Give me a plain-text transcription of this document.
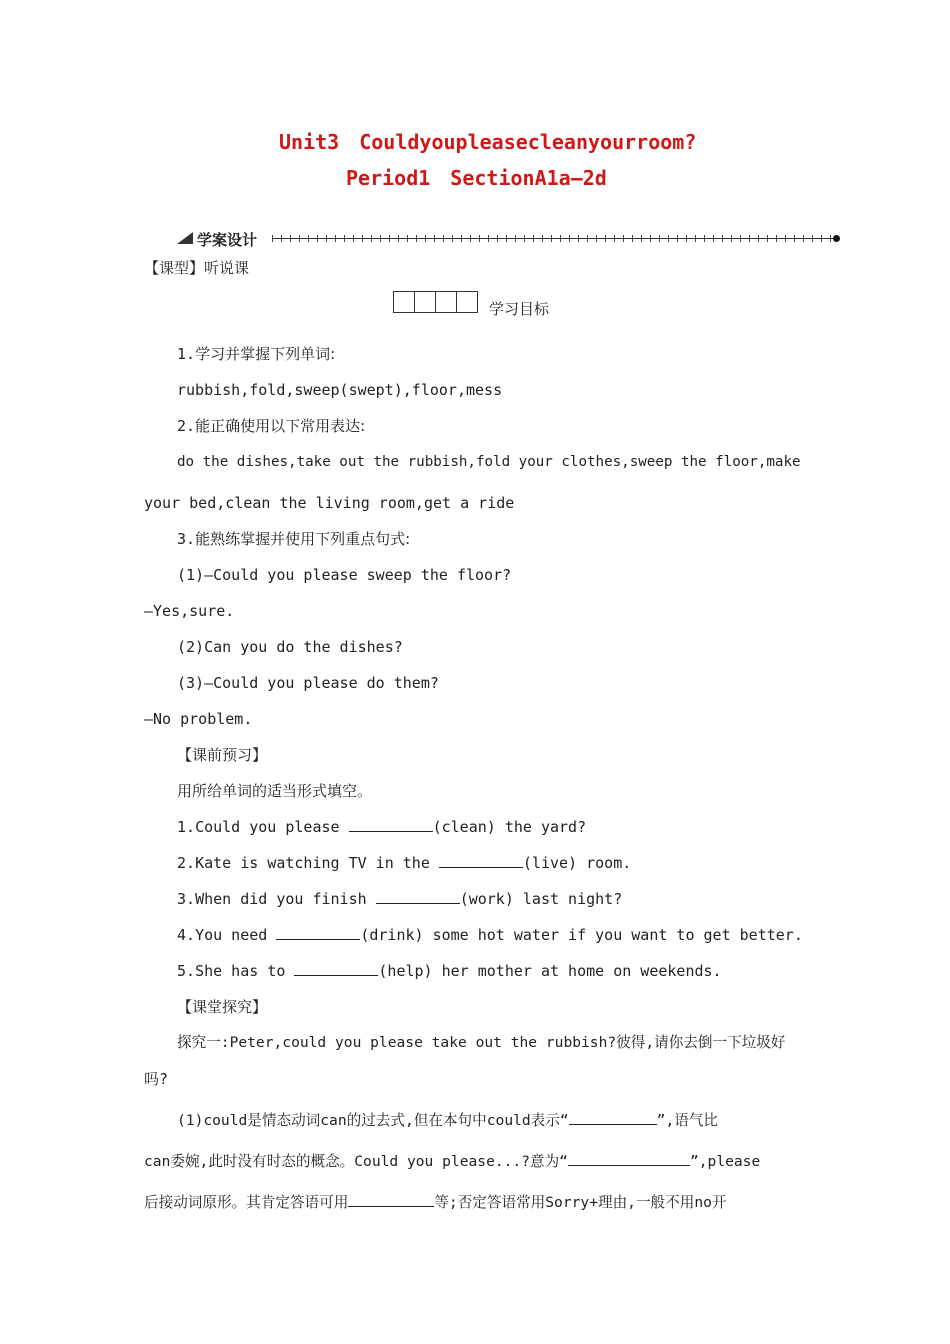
Unit3　Couldyoupleasecleanyourroom?
Period1　SectionA1a—2d
学案设计
【课型】听说课
学习目标
1.学习并掌握下列单词:
rubbish,fold,sweep(swept),floor,mess
2.能正确使用以下常用表达:
do the dishes,take out the rubbish,fold your clothes,sweep the floor,make
your bed,clean the living room,get a ride
3.能熟练掌握并使用下列重点句式:
(1)—Could you please sweep the floor?
—Yes,sure.
(2)Can you do the dishes?
(3)—Could you please do them?
—No problem.
【课前预习】
用所给单词的适当形式填空。
1.Could you please	(clean) the yard?
2.Kate is watching TV in the	(live) room.
3.When did you finish	(work) last night?
4.You need	(drink) some hot water if you want to get better.
5.She has to	(help) her mother at home on weekends.
【课堂探究】
探究一:Peter,could you please take out the rubbish?彼得,请你去倒一下垃圾好
吗?
(1)could是情态动词can的过去式,但在本句中could表示“	”,语气比
can委婉,此时没有时态的概念。Could you please...?意为“	”,please
后接动词原形。其肯定答语可用	等;否定答语常用Sorry+理由,一般不用no开
